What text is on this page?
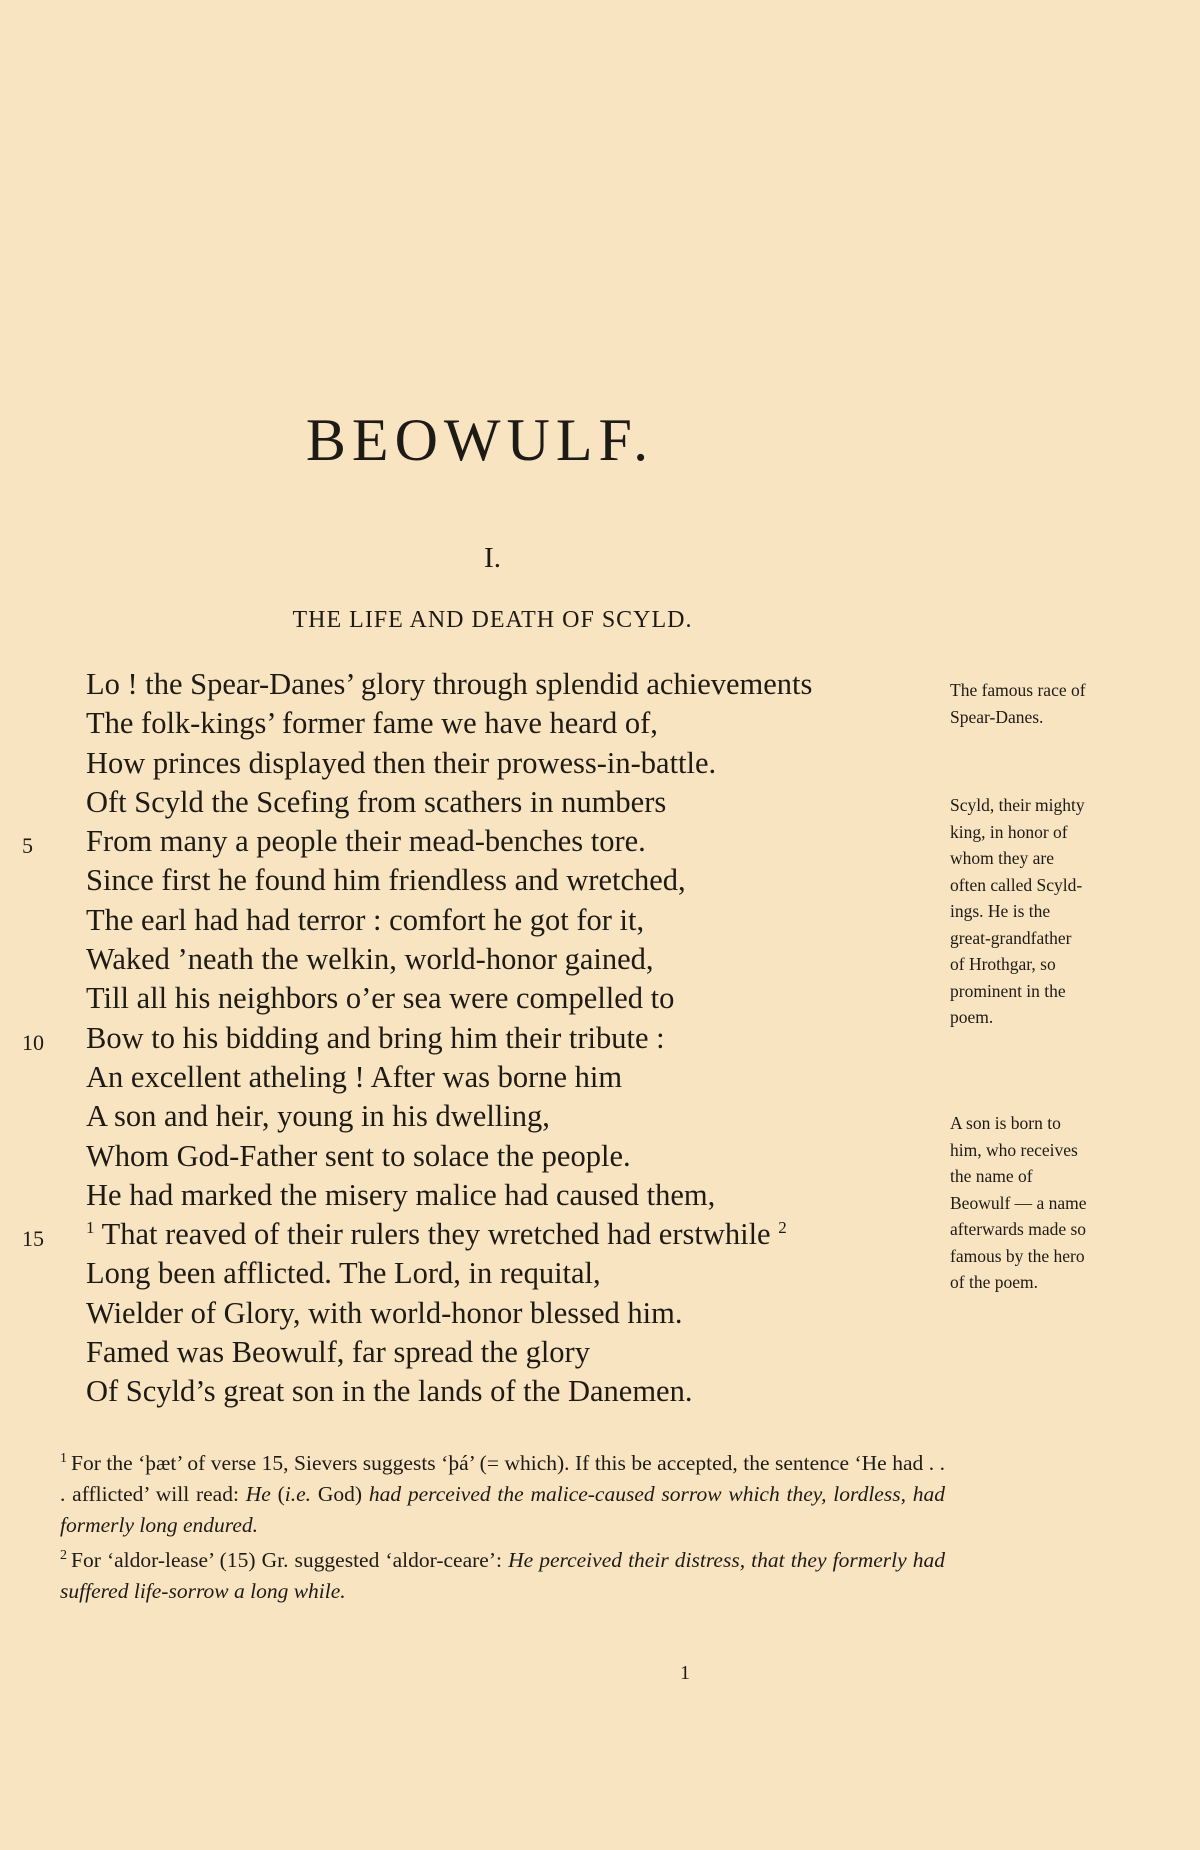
BEOWULF.
I.
THE LIFE AND DEATH OF SCYLD.
Lo ! the Spear-Danes’ glory through splendid achievements
The folk-kings’ former fame we have heard of,
How princes displayed then their prowess-in-battle.
Oft Scyld the Scefing from scathers in numbers
5	From many a people their mead-benches tore.
Since first he found him friendless and wretched,
The earl had had terror : comfort he got for it,
Waked ’neath the welkin, world-honor gained,
Till all his neighbors o’er sea were compelled to
10	Bow to his bidding and bring him their tribute :
An excellent atheling ! After was borne him
A son and heir, young in his dwelling,
Whom God-Father sent to solace the people.
He had marked the misery malice had caused them,
15	$^1$ That reaved of their rulers they wretched had erstwhile $^2$
Long been afflicted. The Lord, in requital,
Wielder of Glory, with world-honor blessed him.
Famed was Beowulf, far spread the glory
Of Scyld’s great son in the lands of the Danemen.
The famous race of
Spear-Danes.
Scyld, their mighty
king, in honor of
whom they are
often called Scyld-
ings. He is the
great-grandfather
of Hrothgar, so
prominent in the
poem.
A son is born to
him, who receives
the name of
Beowulf — a name
afterwards made so
famous by the hero
of the poem.

$^1$ For the ‘þæt’ of verse 15, Sievers suggests ‘þá’ (= which). If this be accepted, the sentence ‘He had . . . afflicted’ will read: He (i.e. God) had perceived the malice-caused sorrow which they, lordless, had formerly long endured.

$^2$ For ‘aldor-lease’ (15) Gr. suggested ‘aldor-ceare’: He perceived their distress, that they formerly had suffered life-sorrow a long while.

1
